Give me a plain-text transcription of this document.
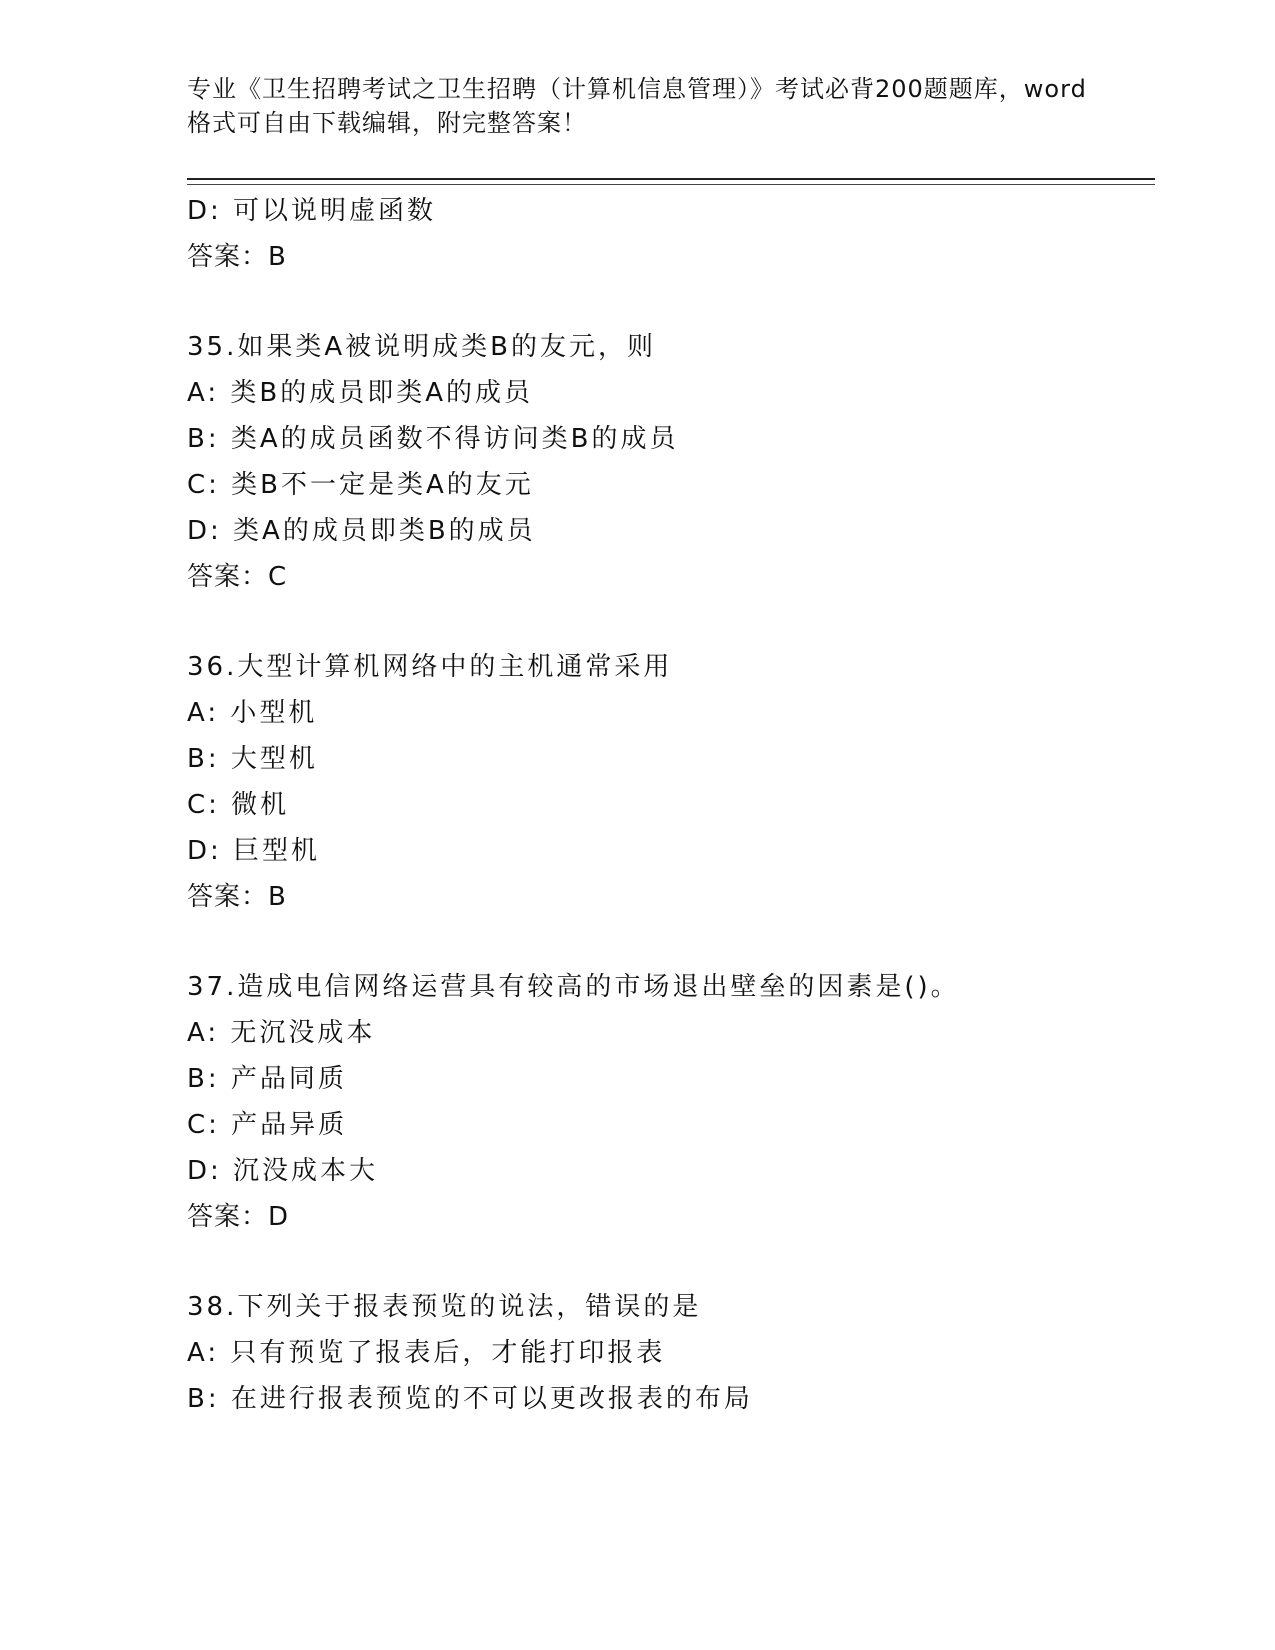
专业《卫生招聘考试之卫生招聘（计算机信息管理）》考试必背200题题库，word
格式可自由下载编辑，附完整答案！
D: 可以说明虚函数
答案：B
35.如果类A被说明成类B的友元，则
A: 类B的成员即类A的成员
B: 类A的成员函数不得访问类B的成员
C: 类B不一定是类A的友元
D: 类A的成员即类B的成员
答案：C
36.大型计算机网络中的主机通常采用
A: 小型机
B: 大型机
C: 微机
D: 巨型机
答案：B
37.造成电信网络运营具有较高的市场退出壁垒的因素是()。
A: 无沉没成本
B: 产品同质
C: 产品异质
D: 沉没成本大
答案：D
38.下列关于报表预览的说法，错误的是
A: 只有预览了报表后，才能打印报表
B: 在进行报表预览的不可以更改报表的布局
